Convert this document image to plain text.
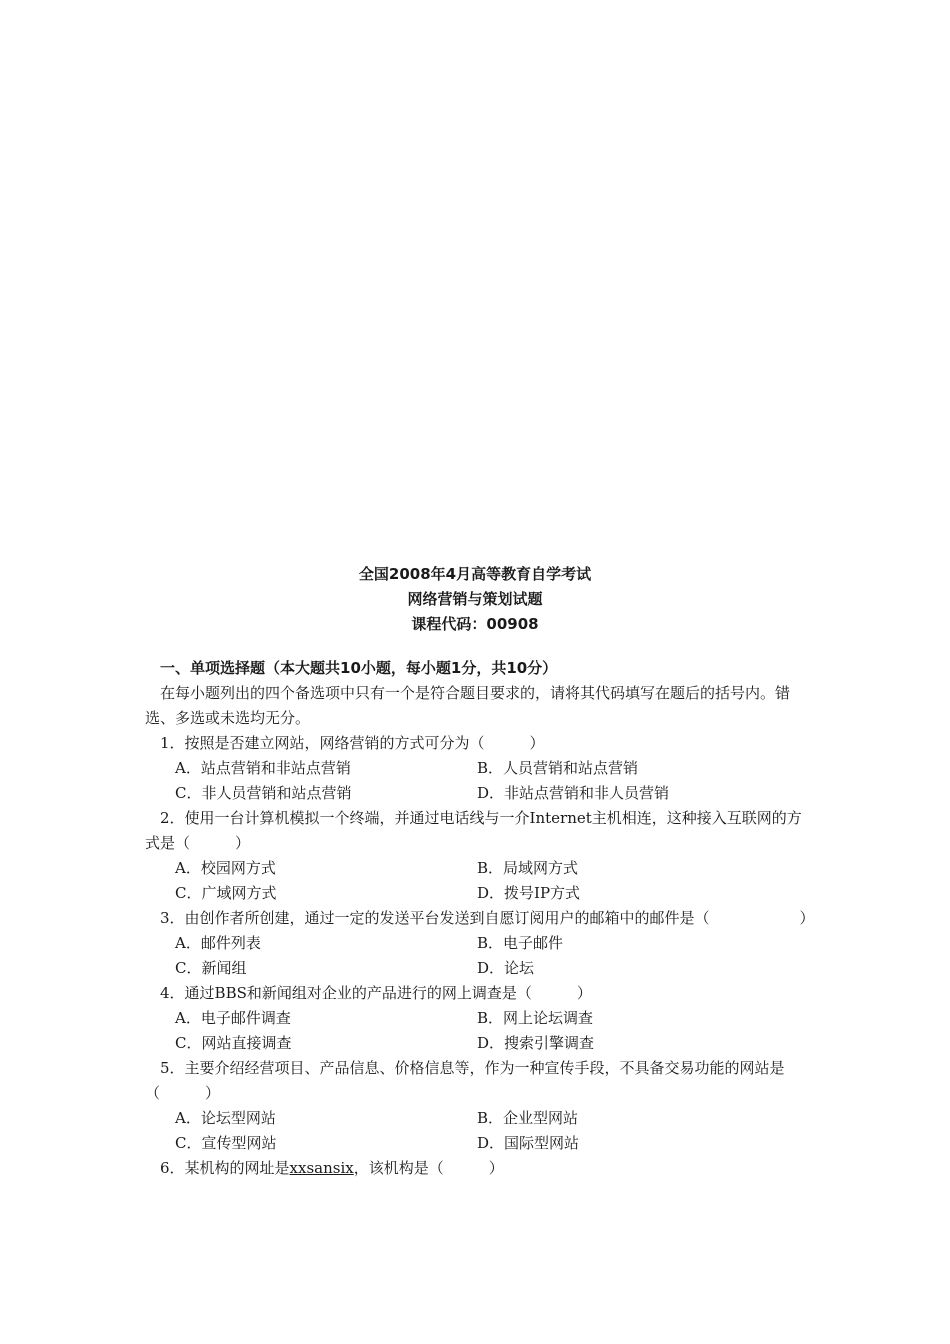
全国2008年4月高等教育自学考试
网络营销与策划试题
课程代码：00908
一、单项选择题（本大题共10小题，每小题1分，共10分）
在每小题列出的四个备选项中只有一个是符合题目要求的，请将其代码填写在题后的括号内。错选、多选或未选均无分。
1．按照是否建立网站，网络营销的方式可分为（　　　）
A．站点营销和非站点营销	B．人员营销和站点营销
C．非人员营销和站点营销	D．非站点营销和非人员营销
2．使用一台计算机模拟一个终端，并通过电话线与一介Internet主机相连，这种接入互联网的方式是（　　　）
A．校园网方式	B．局域网方式
C．广域网方式	D．拨号IP方式
3．由创作者所创建，通过一定的发送平台发送到自愿订阅用户的邮箱中的邮件是（　　　　　　）
A．邮件列表	B．电子邮件
C．新闻组	D．论坛
4．通过BBS和新闻组对企业的产品进行的网上调查是（　　　）
A．电子邮件调查	B．网上论坛调查
C．网站直接调查	D．搜索引擎调查
5．主要介绍经营项目、产品信息、价格信息等，作为一种宣传手段，不具备交易功能的网站是（　　　）
A．论坛型网站	B．企业型网站
C．宣传型网站	D．国际型网站
6．某机构的网址是xxsansix，该机构是（　　　）
